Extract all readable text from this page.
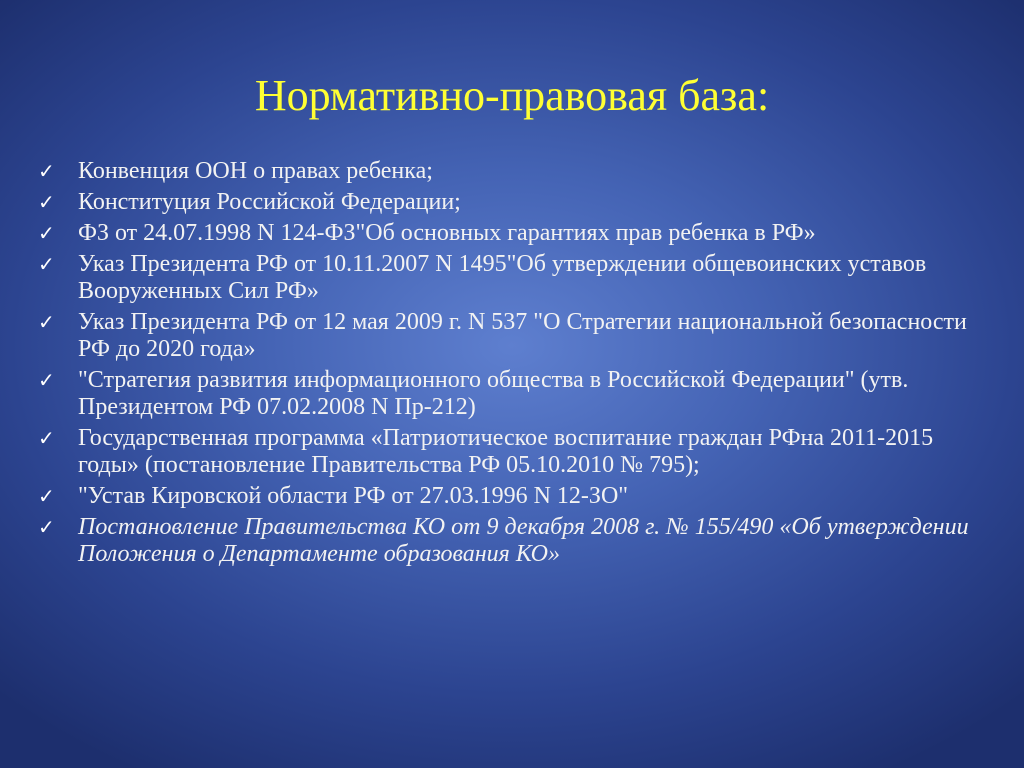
Нормативно-правовая база:
✓ Конвенция ООН о правах ребенка;
✓ Конституция Российской Федерации;
✓ ФЗ от 24.07.1998 N 124-ФЗ"Об основных гарантиях прав ребенка в РФ»
✓ Указ Президента РФ от 10.11.2007 N 1495"Об утверждении общевоинских уставов Вооруженных Сил РФ»
✓ Указ Президента РФ от 12 мая 2009 г. N 537 "О Стратегии национальной безопасности РФ до 2020 года»
✓ "Стратегия развития информационного общества в Российской Федерации" (утв. Президентом РФ 07.02.2008 N Пр-212)
✓ Государственная программа «Патриотическое воспитание граждан РФна 2011-2015 годы» (постановление Правительства РФ 05.10.2010 № 795);
✓ "Устав Кировской области РФ от 27.03.1996 N 12-ЗО"
✓ Постановление Правительства КО от 9 декабря 2008 г. № 155/490 «Об утверждении Положения о Департаменте образования КО»
